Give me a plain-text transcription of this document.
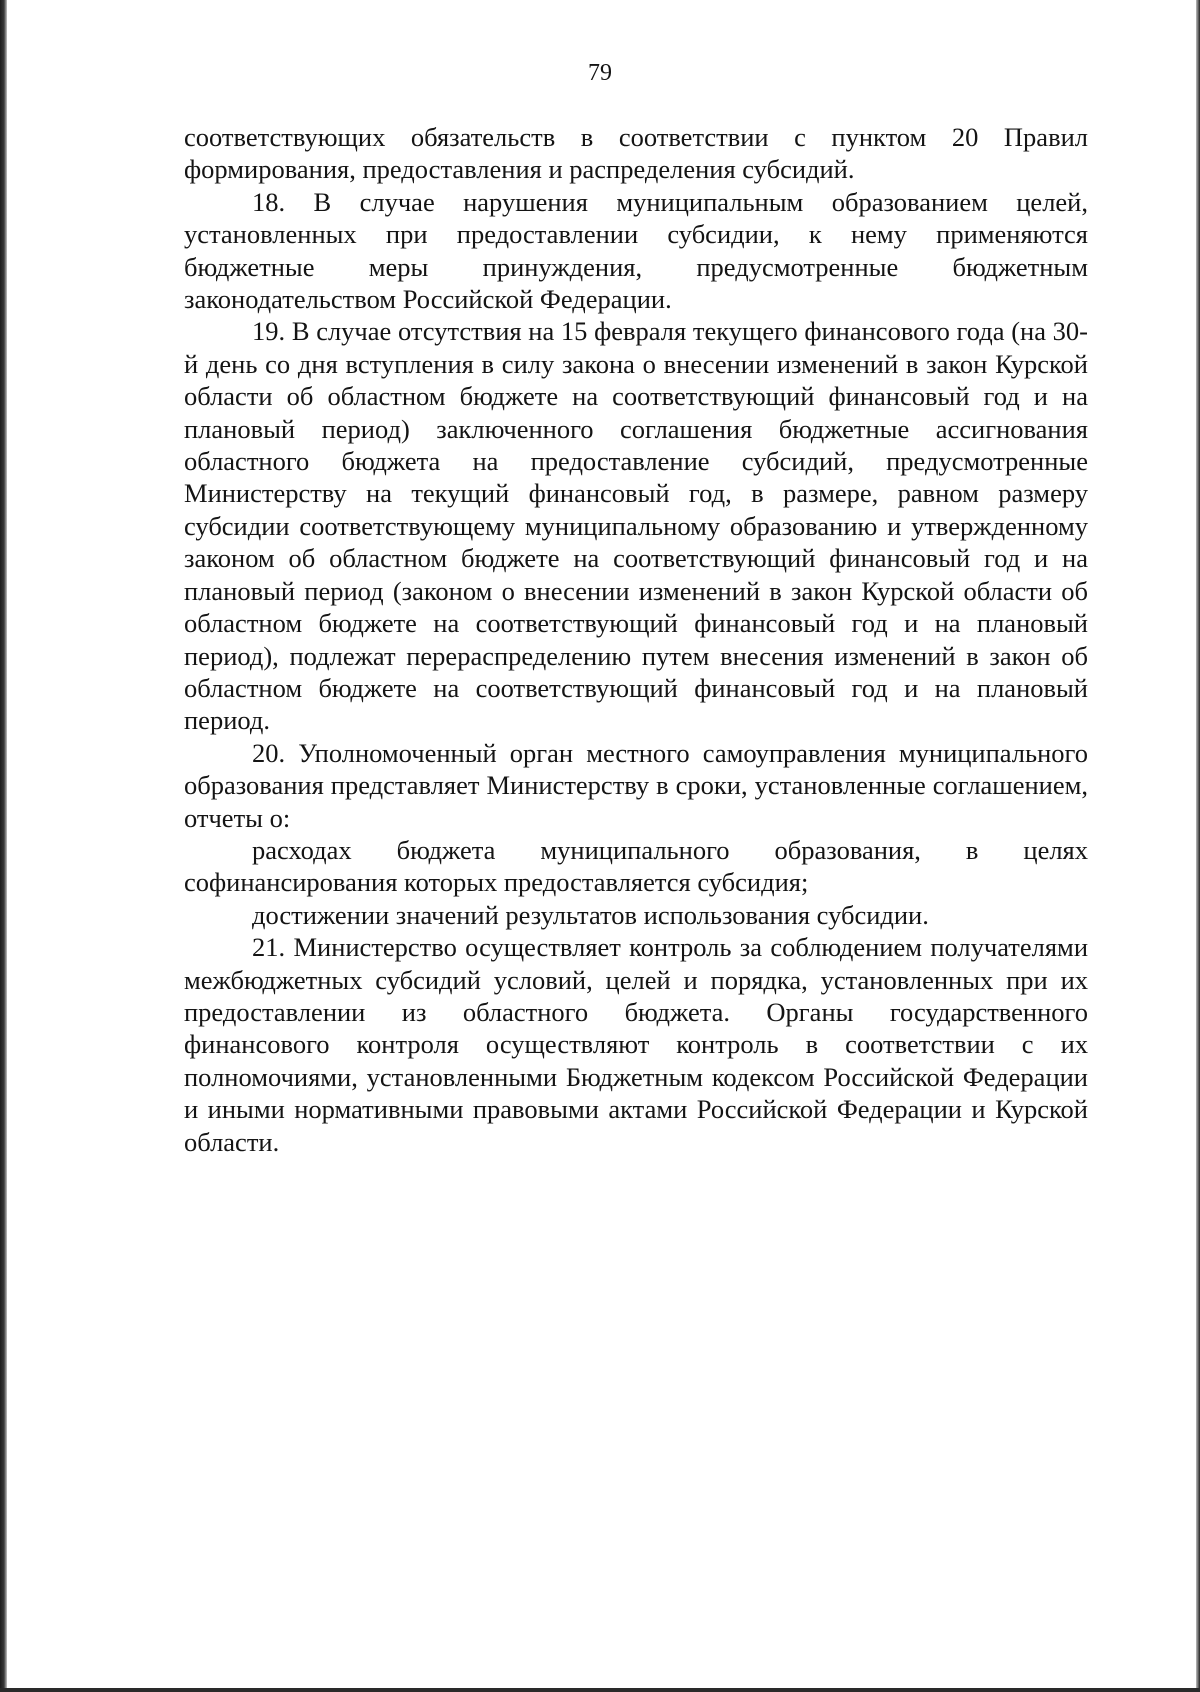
79

соответствующих обязательств в соответствии с пунктом 20 Правил формирования, предоставления и распределения субсидий.

18. В случае нарушения муниципальным образованием целей, установленных при предоставлении субсидии, к нему применяются бюджетные меры принуждения, предусмотренные бюджетным законодательством Российской Федерации.

19. В случае отсутствия на 15 февраля текущего финансового года (на 30-й день со дня вступления в силу закона о внесении изменений в закон Курской области об областном бюджете на соответствующий финансовый год и на плановый период) заключенного соглашения бюджетные ассигнования областного бюджета на предоставление субсидий, предусмотренные Министерству на текущий финансовый год, в размере, равном размеру субсидии соответствующему муниципальному образованию и утвержденному законом об областном бюджете на соответствующий финансовый год и на плановый период (законом о внесении изменений в закон Курской области об областном бюджете на соответствующий финансовый год и на плановый период), подлежат перераспределению путем внесения изменений в закон об областном бюджете на соответствующий финансовый год и на плановый период.

20. Уполномоченный орган местного самоуправления муниципального образования представляет Министерству в сроки, установленные соглашением, отчеты о:

расходах бюджета муниципального образования, в целях софинансирования которых предоставляется субсидия;

достижении значений результатов использования субсидии.

21. Министерство осуществляет контроль за соблюдением получателями межбюджетных субсидий условий, целей и порядка, установленных при их предоставлении из областного бюджета. Органы государственного финансового контроля осуществляют контроль в соответствии с их полномочиями, установленными Бюджетным кодексом Российской Федерации и иными нормативными правовыми актами Российской Федерации и Курской области.
